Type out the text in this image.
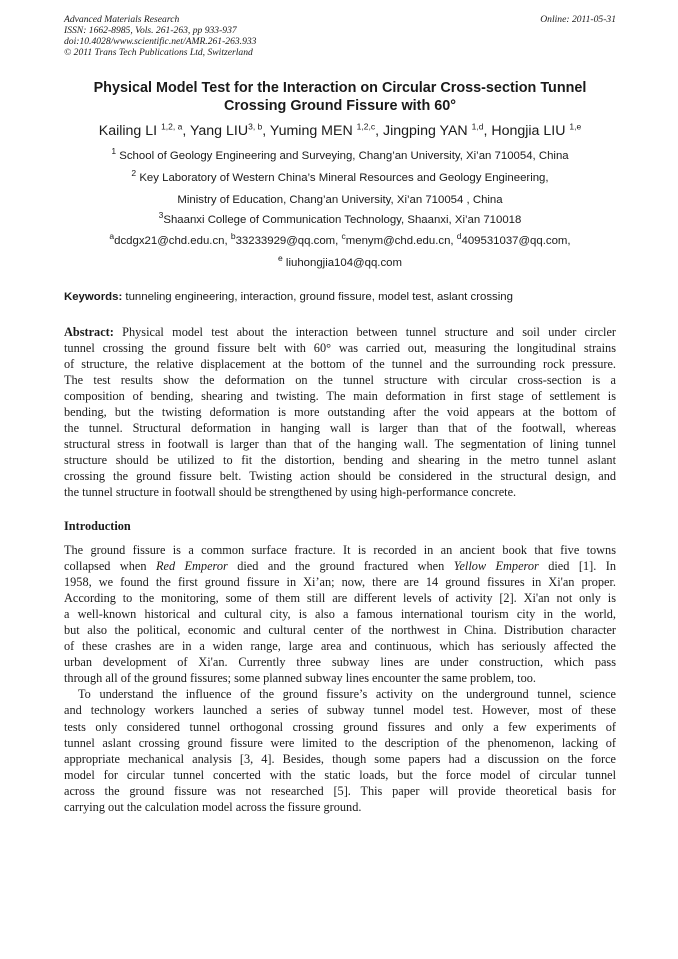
Advanced Materials Research
ISSN: 1662-8985, Vols. 261-263, pp 933-937
doi:10.4028/www.scientific.net/AMR.261-263.933
© 2011 Trans Tech Publications Ltd, Switzerland
Online: 2011-05-31
Physical Model Test for the Interaction on Circular Cross-section Tunnel
Crossing Ground Fissure with 60°
Kailing LI $^{1,2, a}$, Yang LIU$^{3, b}$, Yuming MEN $^{1,2,c}$, Jingping YAN $^{1,d}$, Hongjia LIU $^{1,e}$
$^1$ School of Geology Engineering and Surveying, Chang’an University, Xi’an 710054, China
$^2$ Key Laboratory of Western China’s Mineral Resources and Geology Engineering,
Ministry of Education, Chang’an University, Xi’an 710054 , China
$^3$Shaanxi College of Communication Technology, Shaanxi, Xi’an 710018
$^a$dcdgx21@chd.edu.cn, $^b$33233929@qq.com, $^c$menym@chd.edu.cn, $^d$409531037@qq.com,
$^e$ liuhongjia104@qq.com
Keywords: tunneling engineering, interaction, ground fissure, model test, aslant crossing
Abstract: Physical model test about the interaction between tunnel structure and soil under circler
tunnel crossing the ground fissure belt with 60° was carried out, measuring the longitudinal strains
of structure, the relative displacement at the bottom of the tunnel and the surrounding rock pressure.
The test results show the deformation on the tunnel structure with circular cross-section is a
composition of bending, shearing and twisting. The main deformation in first stage of settlement is
bending, but the twisting deformation is more outstanding after the void appears at the bottom of
the tunnel. Structural deformation in hanging wall is larger than that of the footwall, whereas
structural stress in footwall is larger than that of the hanging wall. The segmentation of lining tunnel
structure should be utilized to fit the distortion, bending and shearing in the metro tunnel aslant
crossing the ground fissure belt. Twisting action should be considered in the structural design, and
the tunnel structure in footwall should be strengthened by using high-performance concrete.
Introduction
The ground fissure is a common surface fracture. It is recorded in an ancient book that five towns
collapsed when Red Emperor died and the ground fractured when Yellow Emperor died [1]. In
1958, we found the first ground fissure in Xi’an; now, there are 14 ground fissures in Xi'an proper.
According to the monitoring, some of them still are different levels of activity [2]. Xi'an not only is
a well-known historical and cultural city, is also a famous international tourism city in the world,
but also the political, economic and cultural center of the northwest in China. Distribution character
of these crashes are in a widen range, large area and continuous, which has seriously affected the
urban development of Xi'an. Currently three subway lines are under construction, which pass
through all of the ground fissures; some planned subway lines encounter the same problem, too.
To understand the influence of the ground fissure’s activity on the underground tunnel, science
and technology workers launched a series of subway tunnel model test. However, most of these
tests only considered tunnel orthogonal crossing ground fissures and only a few experiments of
tunnel aslant crossing ground fissure were limited to the description of the phenomenon, lacking of
appropriate mechanical analysis [3, 4]. Besides, though some papers had a discussion on the force
model for circular tunnel concerted with the static loads, but the force model of circular tunnel
across the ground fissure was not researched [5]. This paper will provide theoretical basis for
carrying out the calculation model across the fissure ground.
